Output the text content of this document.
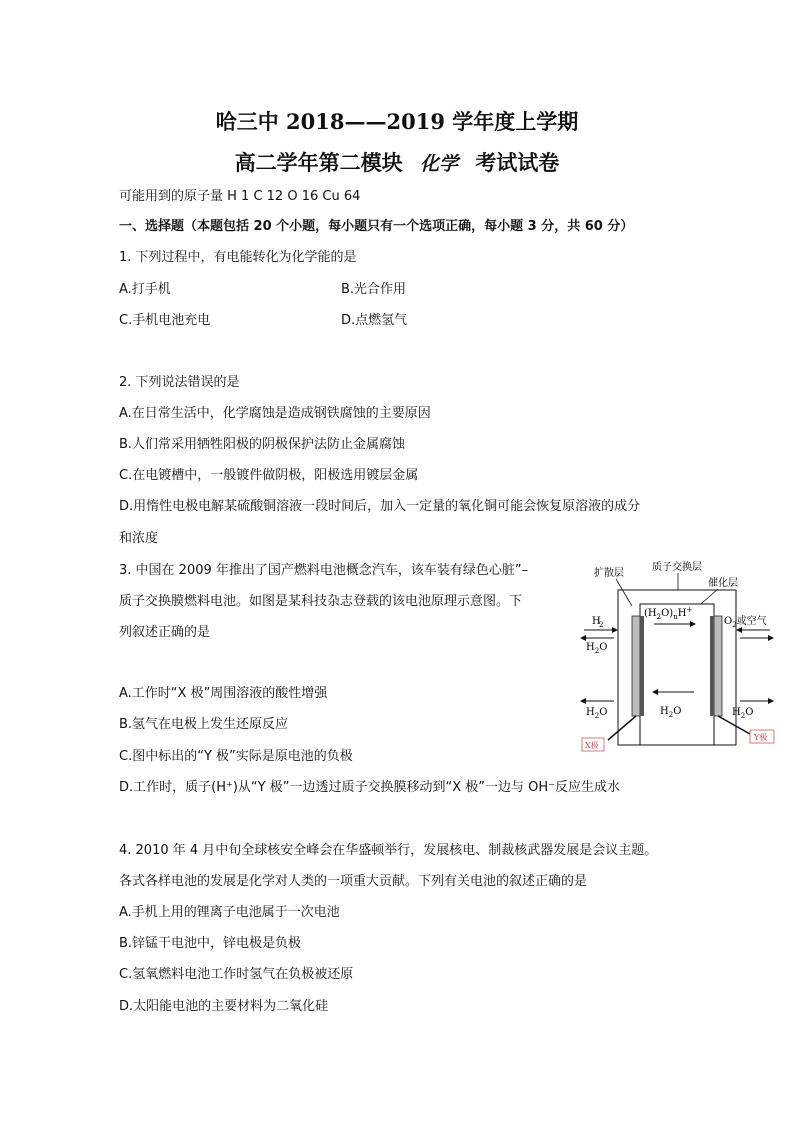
哈三中 2018——2019 学年度上学期
高二学年第二模块 化学 考试试卷
可能用到的原子量 H 1 C 12 O 16 Cu 64
一、选择题（本题包括 20 个小题，每小题只有一个选项正确，每小题 3 分，共 60 分）
1. 下列过程中，有电能转化为化学能的是
A.打手机	B.光合作用
C.手机电池充电	D.点燃氢气
2. 下列说法错误的是
A.在日常生活中，化学腐蚀是造成钢铁腐蚀的主要原因
B.人们常采用牺牲阳极的阴极保护法防止金属腐蚀
C.在电镀槽中，一般镀件做阴极，阳极选用镀层金属
D.用惰性电极电解某硫酸铜溶液一段时间后，加入一定量的氧化铜可能会恢复原溶液的成分
和浓度
3. 中国在 2009 年推出了国产燃料电池概念汽车，该车装有绿色心脏”–
质子交换膜燃料电池。如图是某科技杂志登载的该电池原理示意图。下
列叙述正确的是
A.工作时“X 极”周围溶液的酸性增强
B.氢气在电极上发生还原反应
C.图中标出的“Y 极”实际是原电池的负极
D.工作时，质子(H⁺)从“Y 极”一边透过质子交换膜移动到“X 极”一边与 OH⁻反应生成水
扩散层
质子交换层
催化层
H
2
$H_2O$
$H_2O$
$(H_2O)_nH^+$
$H_2O$
$O_2$或空气
$H_2O$
X极
Y极
4. 2010 年 4 月中旬全球核安全峰会在华盛顿举行，发展核电、制裁核武器发展是会议主题。
各式各样电池的发展是化学对人类的一项重大贡献。下列有关电池的叙述正确的是
A.手机上用的锂离子电池属于一次电池
B.锌锰干电池中，锌电极是负极
C.氢氧燃料电池工作时氢气在负极被还原
D.太阳能电池的主要材料为二氧化硅
